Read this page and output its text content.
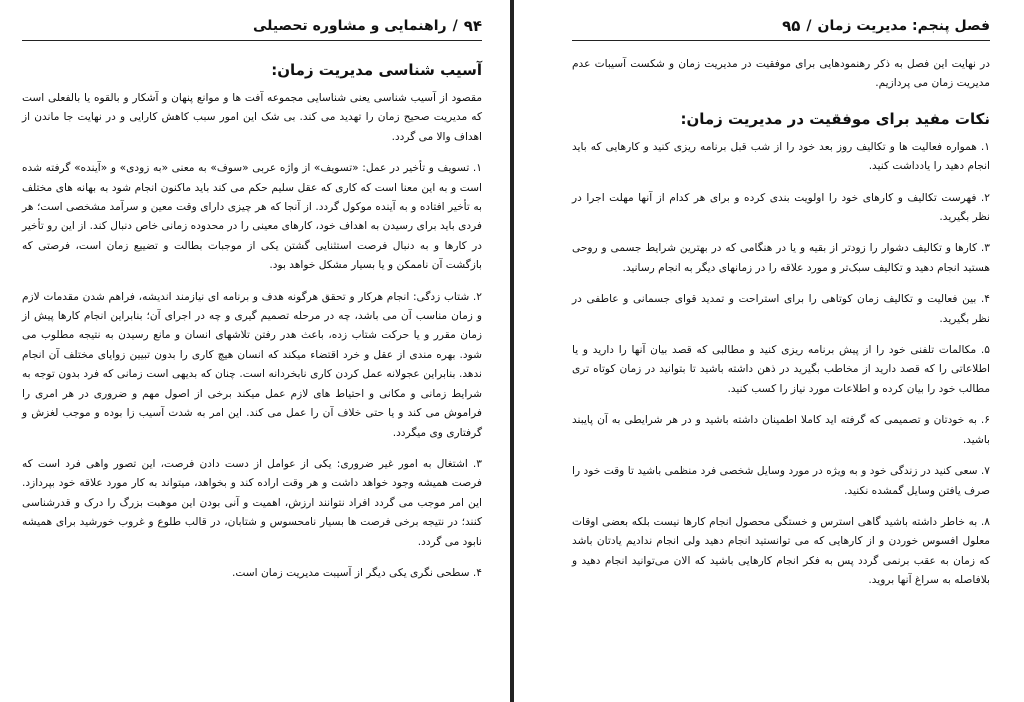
۹۴
/
راهنمایی و مشاوره تحصیلی
آسیب شناسی مدیریت زمان:

مقصود از آسیب شناسی یعنی شناسایی مجموعه آفت ها و موانع پنهان و آشکار و بالقوه یا بالفعلی است که مدیریت صحیح زمان را تهدید می کند. بی شک این امور سبب کاهش کارایی و در نهایت جا ماندن از اهداف والا می گردد.

۱. تسویف و تأخیر در عمل: «تسویف» از واژه عربی «سوف» به معنی «به زودی» و «آینده» گرفته شده است و به این معنا است که کاری که عقل سلیم حکم می کند باید ماکنون انجام شود به بهانه های مختلف به تأخیر افتاده و به آینده موکول گردد. از آنجا که هر چیزی دارای وقت معین و سرآمد مشخصی است؛ هر فردی باید برای رسیدن به اهداف خود، کارهای معینی را در محدوده زمانی خاص دنبال کند. از این رو تأخیر در کارها و به دنبال فرصت استثنایی گشتن یکی از موجبات بطالت و تضییع زمان است، فرصتی که بازگشت آن ناممکن و یا بسیار مشکل خواهد بود.

۲. شتاب زدگی: انجام هرکار و تحقق هرگونه هدف و برنامه ای نیازمند اندیشه، فراهم شدن مقدمات لازم و زمان مناسب آن می باشد، چه در مرحله تصمیم گیری و چه در اجرای آن؛ بنابراین انجام کارها پیش از زمان مقرر و یا حرکت شتاب زده، باعث هدر رفتن تلاشهای انسان و مانع رسیدن به نتیجه مطلوب می شود. بهره مندی از عقل و خرد اقتضاء میکند که انسان هیچ کاری را بدون تبیین زوایای مختلف آن انجام ندهد. بنابراین عجولانه عمل کردن کاری نابخردانه است. چنان که بدیهی است زمانی که فرد بدون توجه به شرایط زمانی و مکانی و احتیاط های لازم عمل میکند برخی از اصول مهم و ضروری در هر امری را فراموش می کند و یا حتی خلاف آن را عمل می کند. این امر به شدت آسیب زا بوده و موجب لغزش و گرفتاری وی میگردد.

۳. اشتغال به امور غیر ضروری: یکی از عوامل از دست دادن فرصت، این تصور واهی فرد است که فرصت همیشه وجود خواهد داشت و هر وقت اراده کند و بخواهد، میتواند به کار مورد علاقه خود بپردازد. این امر موجب می گردد افراد نتوانند ارزش، اهمیت و آنی بودن این موهبت بزرگ را درک و قدرشناسی کنند؛ در نتیجه برخی فرصت ها بسیار نامحسوس و شتابان، در قالب طلوع و غروب خورشید برای همیشه نابود می گردد.

۴. سطحی نگری یکی دیگر از آسیبت مدیریت زمان است.

فصل پنجم: مدیریت زمان
/
۹۵

در نهایت این فصل به ذکر رهنمودهایی برای موفقیت در مدیریت زمان و شکست آسیبات عدم مدیریت زمان می پردازیم.

نکات مفید برای موفقیت در مدیریت زمان:

۱. همواره فعالیت ها و تکالیف روز بعد خود را از شب قبل برنامه ریزی کنید و کارهایی که باید انجام دهید را یادداشت کنید.

۲. فهرست تکالیف و کارهای خود را اولویت بندی کرده و برای هر کدام از آنها مهلت اجرا در نظر بگیرید.

۳. کارها و تکالیف دشوار را زودتر از بقیه و یا در هنگامی که در بهترین شرایط جسمی و روحی هستید انجام دهید و تکالیف سبک‌تر و مورد علاقه را در زمانهای دیگر به انجام رسانید.

۴. بین فعالیت و تکالیف زمان کوتاهی را برای استراحت و تمدید قوای جسمانی و عاطفی در نظر بگیرید.

۵. مکالمات تلفنی خود را از پیش برنامه ریزی کنید و مطالبی که قصد بیان آنها را دارید و یا اطلاعاتی را که قصد دارید از مخاطب بگیرید در ذهن داشته باشید تا بتوانید در زمان کوتاه تری مطالب خود را بیان کرده و اطلاعات مورد نیاز را کسب کنید.

۶. به خودتان و تصمیمی که گرفته اید کاملا اطمینان داشته باشید و در هر شرایطی به آن پایبند باشید.

۷. سعی کنید در زندگی خود و به ویژه در مورد وسایل شخصی فرد منظمی باشید تا وقت خود را صرف یافتن وسایل گمشده نکنید.

۸. به خاطر داشته باشید گاهی استرس و خستگی محصول انجام کارها نیست بلکه بعضی اوقات معلول افسوس خوردن و از کارهایی که می توانستید انجام دهید ولی انجام ندادیم یادتان باشد که زمان به عقب برنمی گردد پس به فکر انجام کارهایی باشید که الان می‌توانید انجام دهید و بلافاصله به سراغ آنها بروید.
